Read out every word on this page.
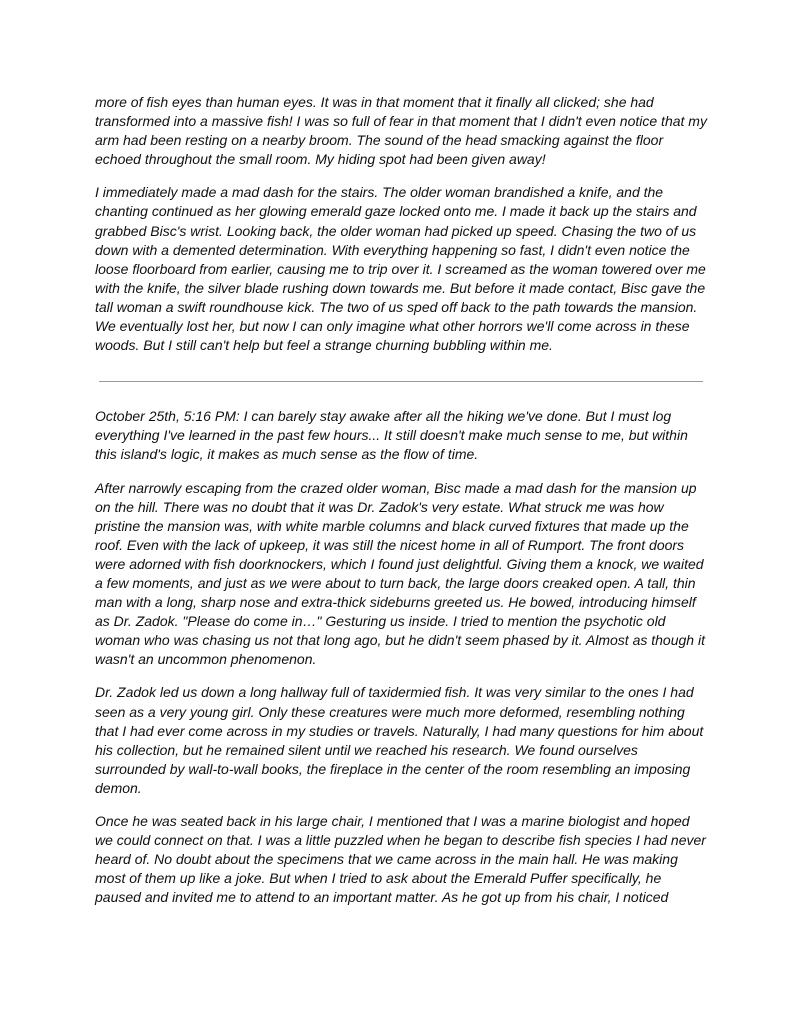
more of fish eyes than human eyes. It was in that moment that it finally all clicked; she had transformed into a massive fish! I was so full of fear in that moment that I didn't even notice that my arm had been resting on a nearby broom. The sound of the head smacking against the floor echoed throughout the small room. My hiding spot had been given away!

I immediately made a mad dash for the stairs. The older woman brandished a knife, and the chanting continued as her glowing emerald gaze locked onto me. I made it back up the stairs and grabbed Bisc's wrist. Looking back, the older woman had picked up speed. Chasing the two of us down with a demented determination. With everything happening so fast, I didn't even notice the loose floorboard from earlier, causing me to trip over it. I screamed as the woman towered over me with the knife, the silver blade rushing down towards me. But before it made contact, Bisc gave the tall woman a swift roundhouse kick. The two of us sped off back to the path towards the mansion. We eventually lost her, but now I can only imagine what other horrors we'll come across in these woods. But I still can't help but feel a strange churning bubbling within me.

October 25th, 5:16 PM: I can barely stay awake after all the hiking we've done. But I must log everything I've learned in the past few hours... It still doesn't make much sense to me, but within this island's logic, it makes as much sense as the flow of time.

After narrowly escaping from the crazed older woman, Bisc made a mad dash for the mansion up on the hill. There was no doubt that it was Dr. Zadok's very estate. What struck me was how pristine the mansion was, with white marble columns and black curved fixtures that made up the roof. Even with the lack of upkeep, it was still the nicest home in all of Rumport. The front doors were adorned with fish doorknockers, which I found just delightful. Giving them a knock, we waited a few moments, and just as we were about to turn back, the large doors creaked open. A tall, thin man with a long, sharp nose and extra-thick sideburns greeted us. He bowed, introducing himself as Dr. Zadok. "Please do come in…" Gesturing us inside. I tried to mention the psychotic old woman who was chasing us not that long ago, but he didn't seem phased by it. Almost as though it wasn't an uncommon phenomenon.

Dr. Zadok led us down a long hallway full of taxidermied fish. It was very similar to the ones I had seen as a very young girl. Only these creatures were much more deformed, resembling nothing that I had ever come across in my studies or travels. Naturally, I had many questions for him about his collection, but he remained silent until we reached his research. We found ourselves surrounded by wall-to-wall books, the fireplace in the center of the room resembling an imposing demon.

Once he was seated back in his large chair, I mentioned that I was a marine biologist and hoped we could connect on that. I was a little puzzled when he began to describe fish species I had never heard of. No doubt about the specimens that we came across in the main hall. He was making most of them up like a joke. But when I tried to ask about the Emerald Puffer specifically, he paused and invited me to attend to an important matter. As he got up from his chair, I noticed
